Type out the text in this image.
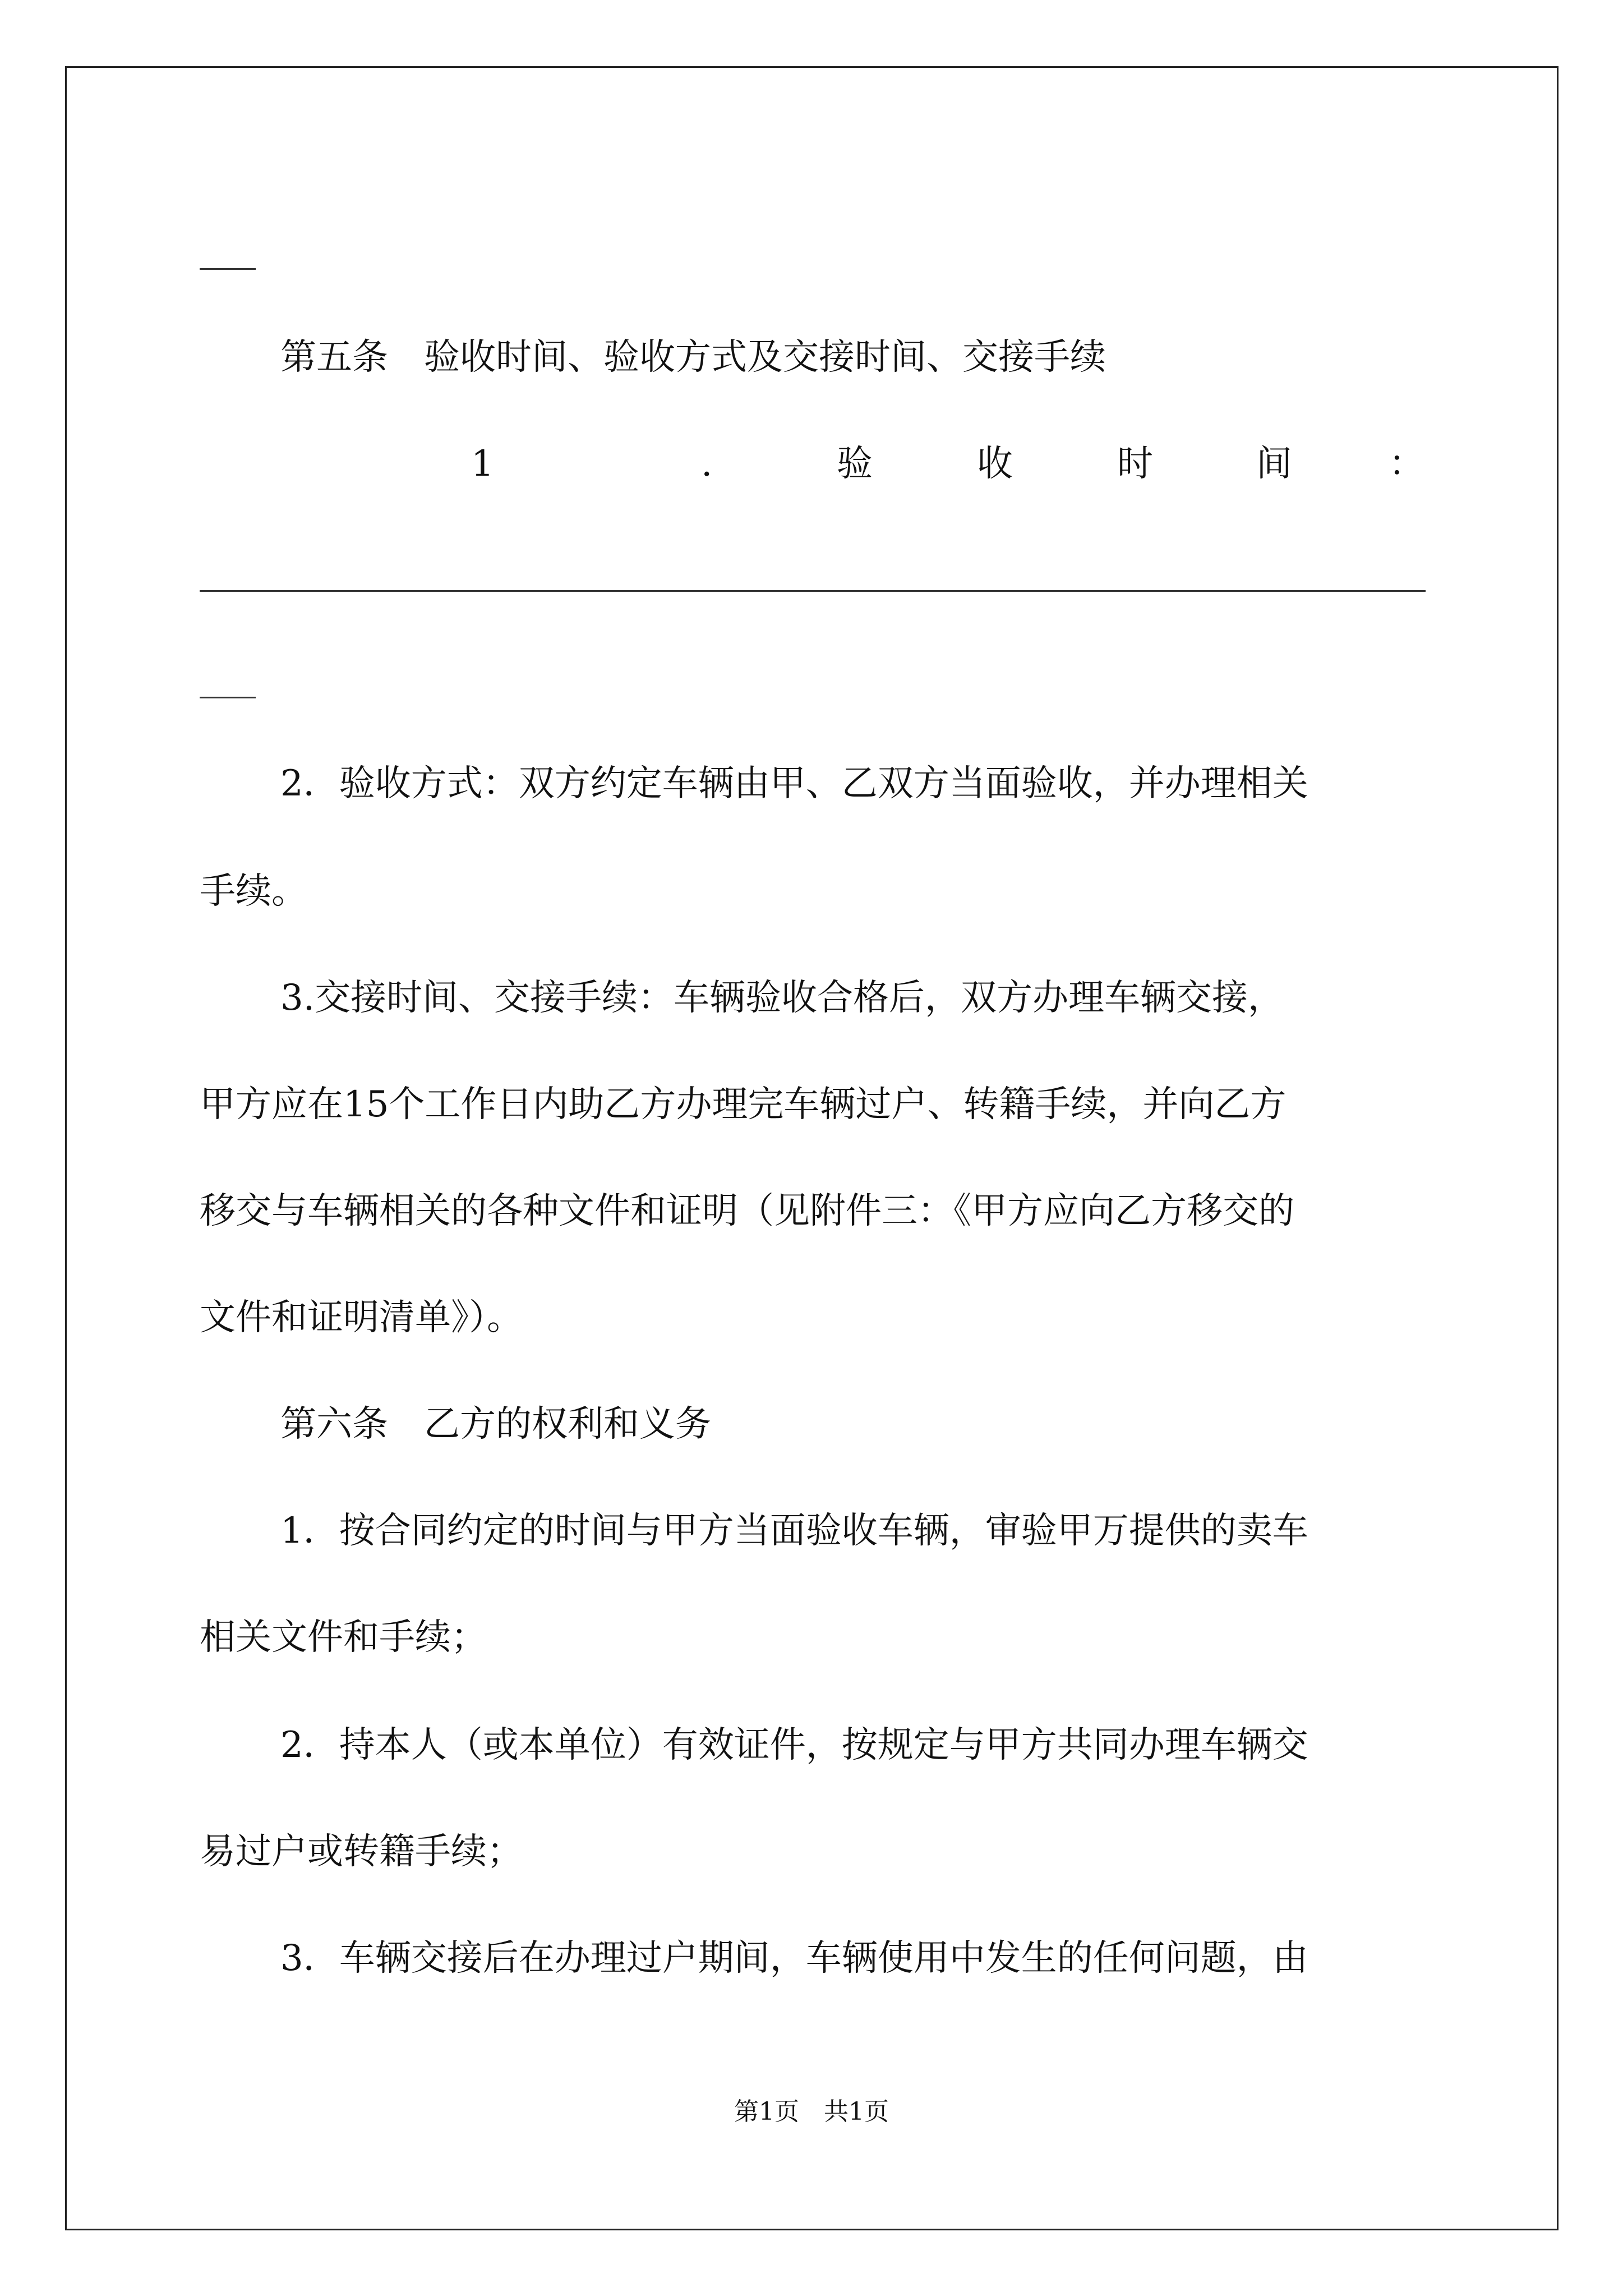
第五条　验收时间、验收方式及交接时间、交接手续
1	.	验	收	时	间	：
2．验收方式：双方约定车辆由甲、乙双方当面验收，并办理相关
手续。
3.交接时间、交接手续：车辆验收合格后，双方办理车辆交接，
甲方应在15个工作日内助乙方办理完车辆过户、转籍手续，并向乙方
移交与车辆相关的各种文件和证明（见附件三：《甲方应向乙方移交的
文件和证明清单》）。
第六条　乙方的权利和义务
1．按合同约定的时间与甲方当面验收车辆，审验甲万提供的卖车
相关文件和手续；
2．持本人（或本单位）有效证件，按规定与甲方共同办理车辆交
易过户或转籍手续；
3．车辆交接后在办理过户期间，车辆使用中发生的任何问题，由
第1页　共1页
